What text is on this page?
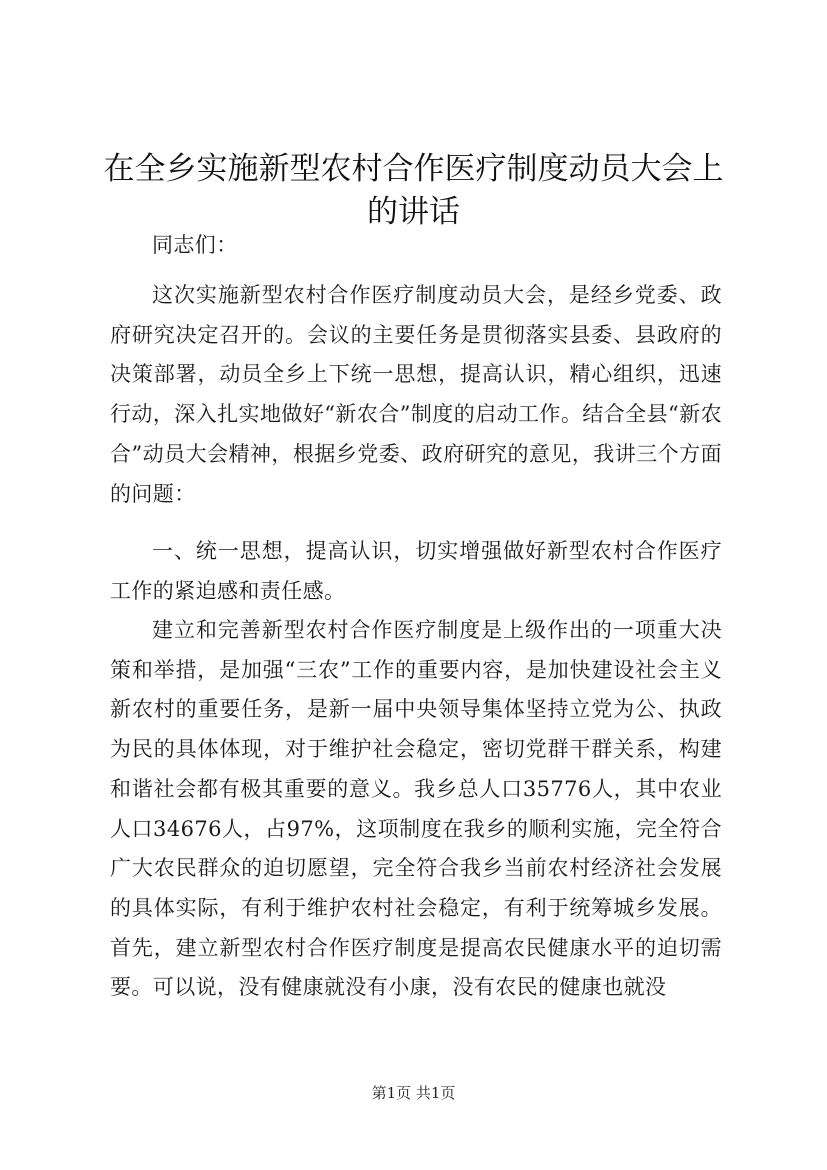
在全乡实施新型农村合作医疗制度动员大会上
的讲话

同志们：

这次实施新型农村合作医疗制度动员大会，是经乡党委、政府研究决定召开的。会议的主要任务是贯彻落实县委、县政府的决策部署，动员全乡上下统一思想，提高认识，精心组织，迅速行动，深入扎实地做好“新农合”制度的启动工作。结合全县“新农合”动员大会精神，根据乡党委、政府研究的意见，我讲三个方面的问题：

一、统一思想，提高认识，切实增强做好新型农村合作医疗工作的紧迫感和责任感。

建立和完善新型农村合作医疗制度是上级作出的一项重大决策和举措，是加强“三农”工作的重要内容，是加快建设社会主义新农村的重要任务，是新一届中央领导集体坚持立党为公、执政为民的具体体现，对于维护社会稳定，密切党群干群关系，构建和谐社会都有极其重要的意义。我乡总人口35776人，其中农业人口34676人，占97%，这项制度在我乡的顺利实施，完全符合广大农民群众的迫切愿望，完全符合我乡当前农村经济社会发展的具体实际，有利于维护农村社会稳定，有利于统筹城乡发展。首先，建立新型农村合作医疗制度是提高农民健康水平的迫切需要。可以说，没有健康就没有小康，没有农民的健康也就没

第1页 共1页
